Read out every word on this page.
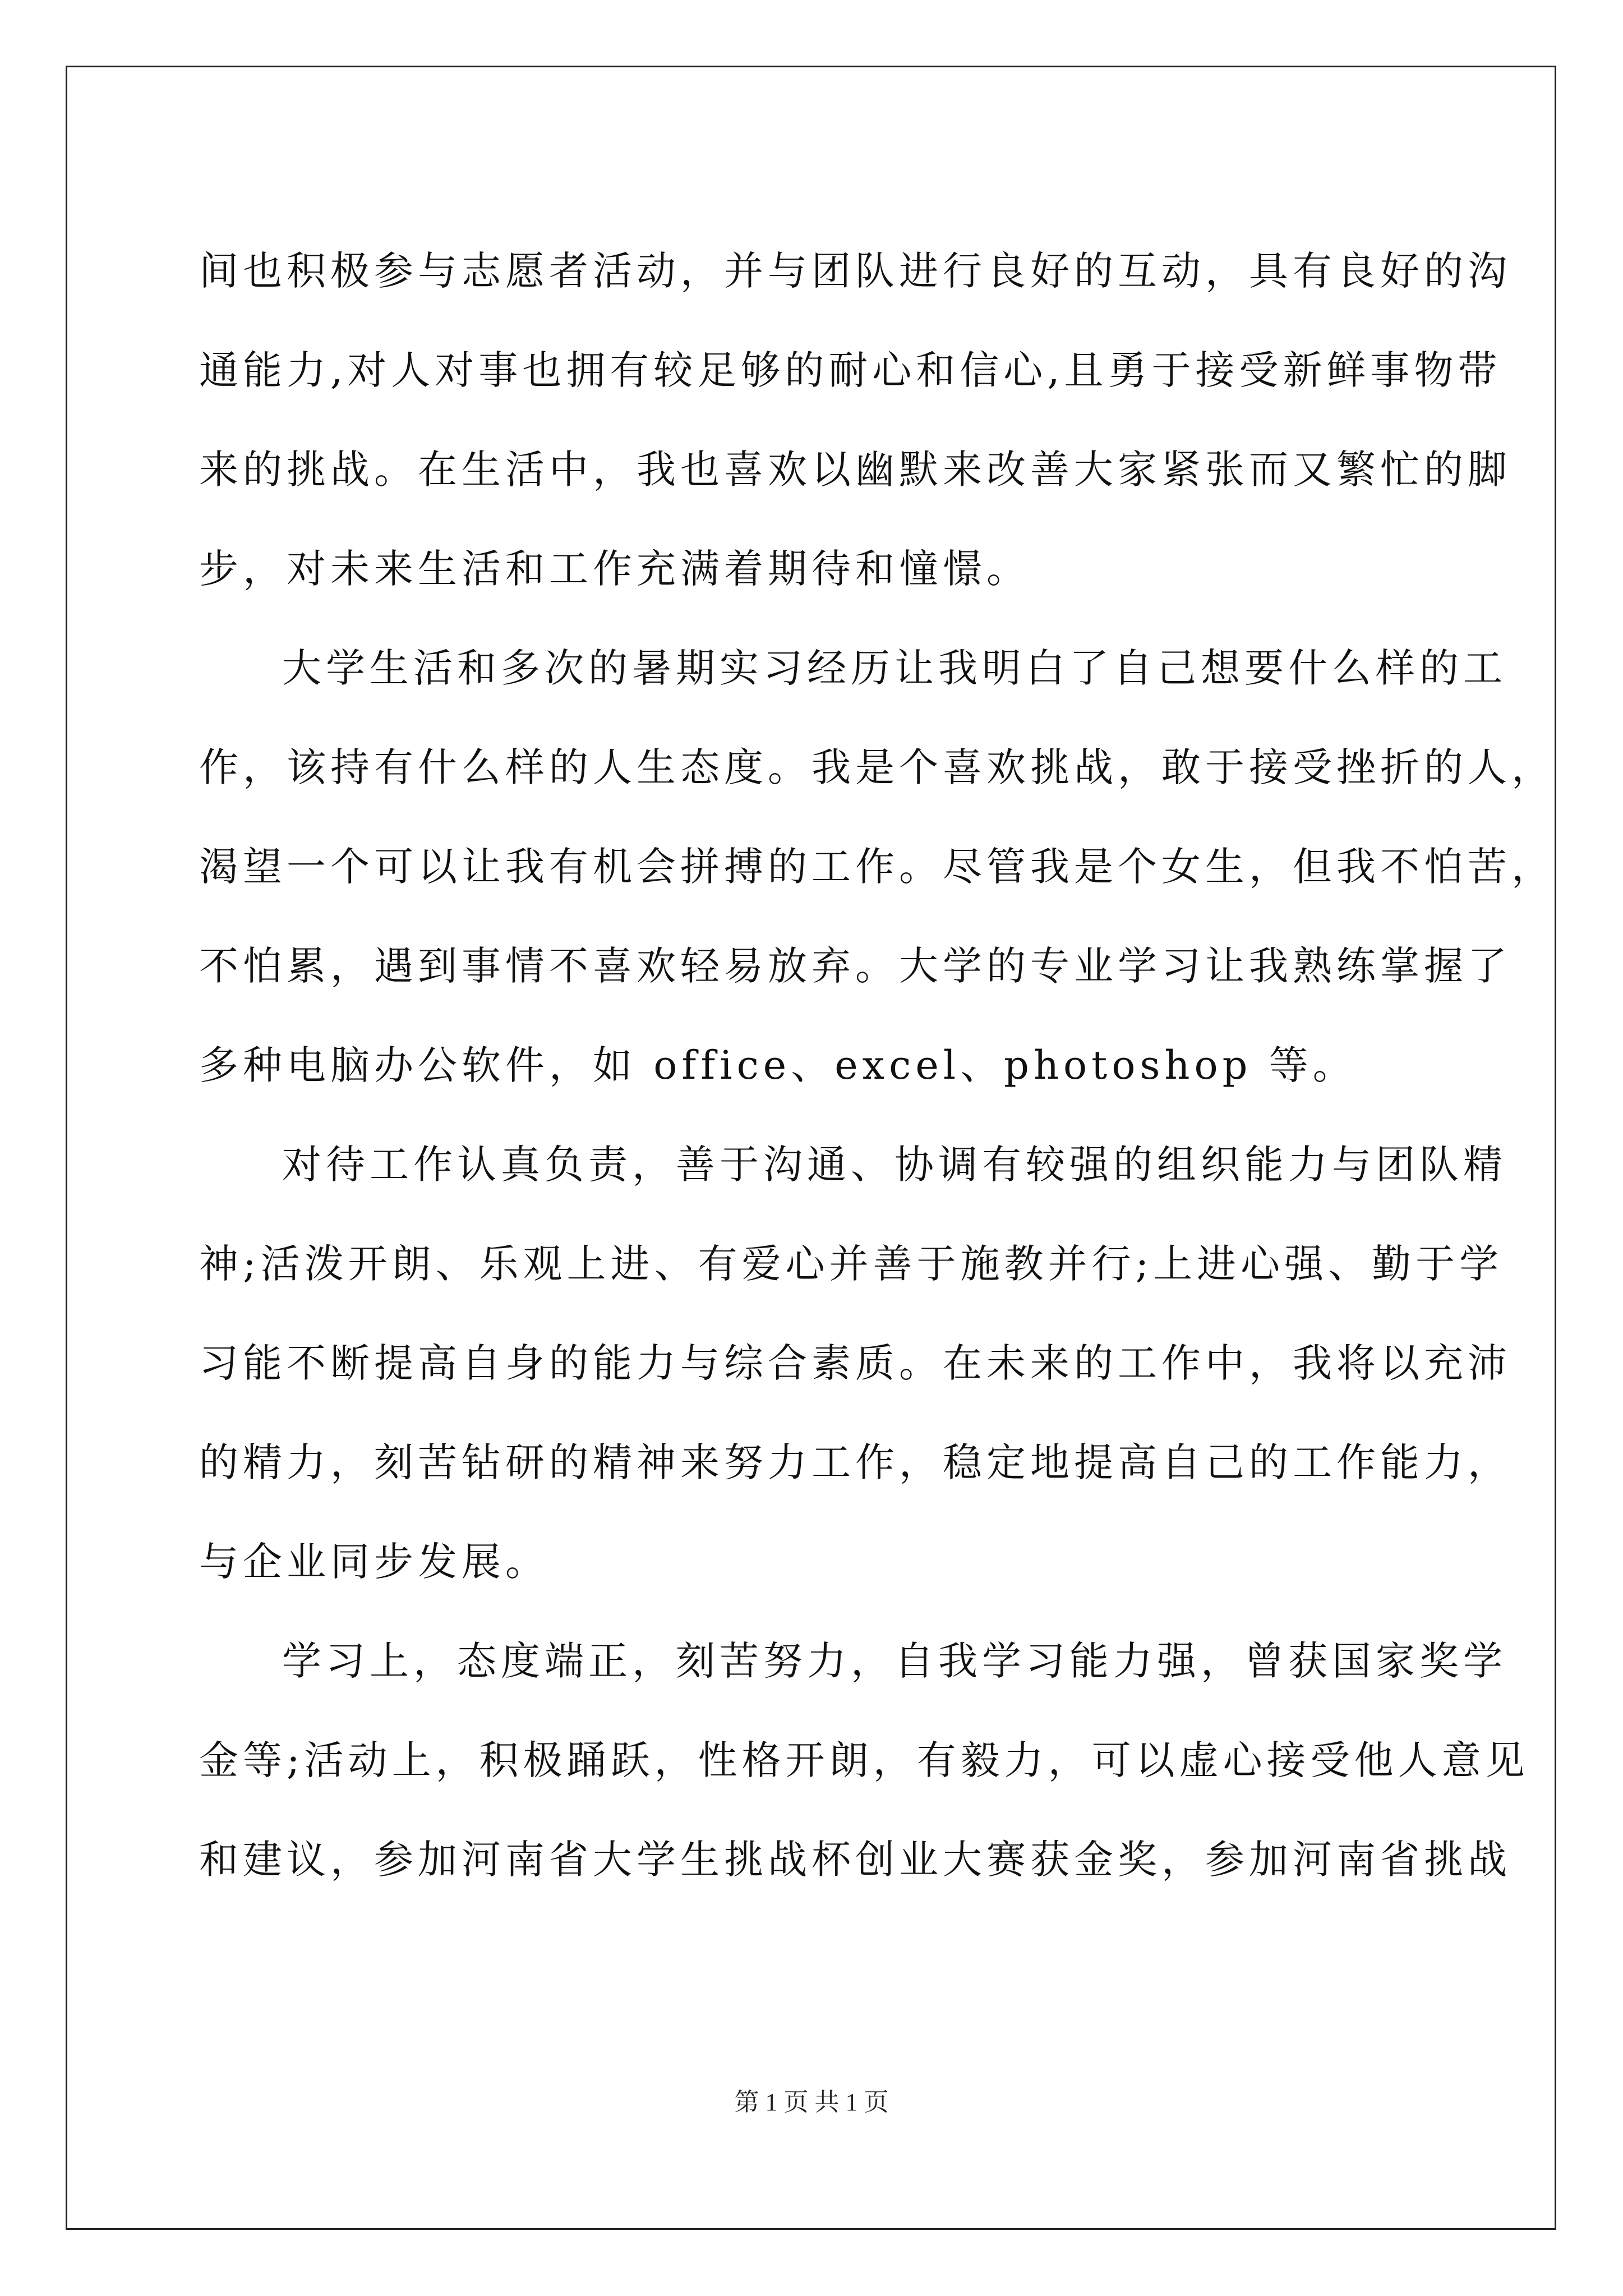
间也积极参与志愿者活动，并与团队进行良好的互动，具有良好的沟
通能力,对人对事也拥有较足够的耐心和信心,且勇于接受新鲜事物带
来的挑战。在生活中，我也喜欢以幽默来改善大家紧张而又繁忙的脚
步，对未来生活和工作充满着期待和憧憬。
大学生活和多次的暑期实习经历让我明白了自己想要什么样的工
作，该持有什么样的人生态度。我是个喜欢挑战，敢于接受挫折的人，
渴望一个可以让我有机会拼搏的工作。尽管我是个女生，但我不怕苦，
不怕累，遇到事情不喜欢轻易放弃。大学的专业学习让我熟练掌握了
多种电脑办公软件，如 office、excel、photoshop 等。
对待工作认真负责，善于沟通、协调有较强的组织能力与团队精
神;活泼开朗、乐观上进、有爱心并善于施教并行;上进心强、勤于学
习能不断提高自身的能力与综合素质。在未来的工作中，我将以充沛
的精力，刻苦钻研的精神来努力工作，稳定地提高自己的工作能力，
与企业同步发展。
学习上，态度端正，刻苦努力，自我学习能力强，曾获国家奖学
金等;活动上，积极踊跃，性格开朗，有毅力，可以虚心接受他人意见
和建议，参加河南省大学生挑战杯创业大赛获金奖，参加河南省挑战
第 1 页 共 1 页
